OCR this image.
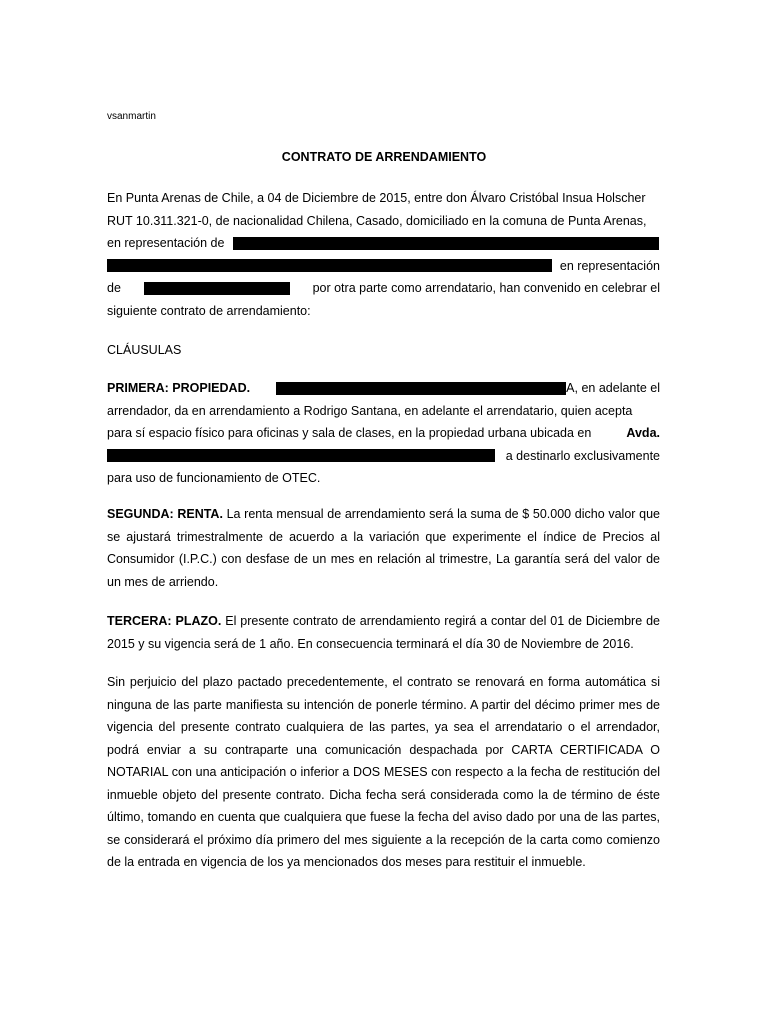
vsanmartin
CONTRATO DE ARRENDAMIENTO
En Punta Arenas de Chile, a 04 de Diciembre de 2015, entre don Álvaro Cristóbal Insua Holscher
RUT 10.311.321-0, de nacionalidad Chilena, Casado, domiciliado en la comuna de Punta Arenas,
en representación de
en representación
de	por otra parte como arrendatario, han convenido en celebrar el
siguiente contrato de arrendamiento:
CLÁUSULAS
PRIMERA: PROPIEDAD.	A, en adelante el
arrendador, da en arrendamiento a Rodrigo Santana, en adelante el arrendatario, quien acepta
para sí espacio físico para oficinas y sala de clases, en la propiedad urbana ubicada en	Avda.
a destinarlo exclusivamente
para uso de funcionamiento de OTEC.

SEGUNDA: RENTA. La renta mensual de arrendamiento será la suma de $ 50.000 dicho valor que se ajustará trimestralmente de acuerdo a la variación que experimente el índice de Precios al Consumidor (I.P.C.) con desfase de un mes en relación al trimestre, La garantía será del valor de un mes de arriendo.

TERCERA: PLAZO. El presente contrato de arrendamiento regirá a contar del 01 de Diciembre de 2015 y su vigencia será de 1 año. En consecuencia terminará el día 30 de Noviembre de 2016.

Sin perjuicio del plazo pactado precedentemente, el contrato se renovará en forma automática si ninguna de las parte manifiesta su intención de ponerle término. A partir del décimo primer mes de vigencia del presente contrato cualquiera de las partes, ya sea el arrendatario o el arrendador, podrá enviar a su contraparte una comunicación despachada por CARTA CERTIFICADA O NOTARIAL con una anticipación o inferior a DOS MESES con respecto a la fecha de restitución del inmueble objeto del presente contrato. Dicha fecha será considerada como la de término de éste último, tomando en cuenta que cualquiera que fuese la fecha del aviso dado por una de las partes, se considerará el próximo día primero del mes siguiente a la recepción de la carta como comienzo de la entrada en vigencia de los ya mencionados dos meses para restituir el inmueble.
